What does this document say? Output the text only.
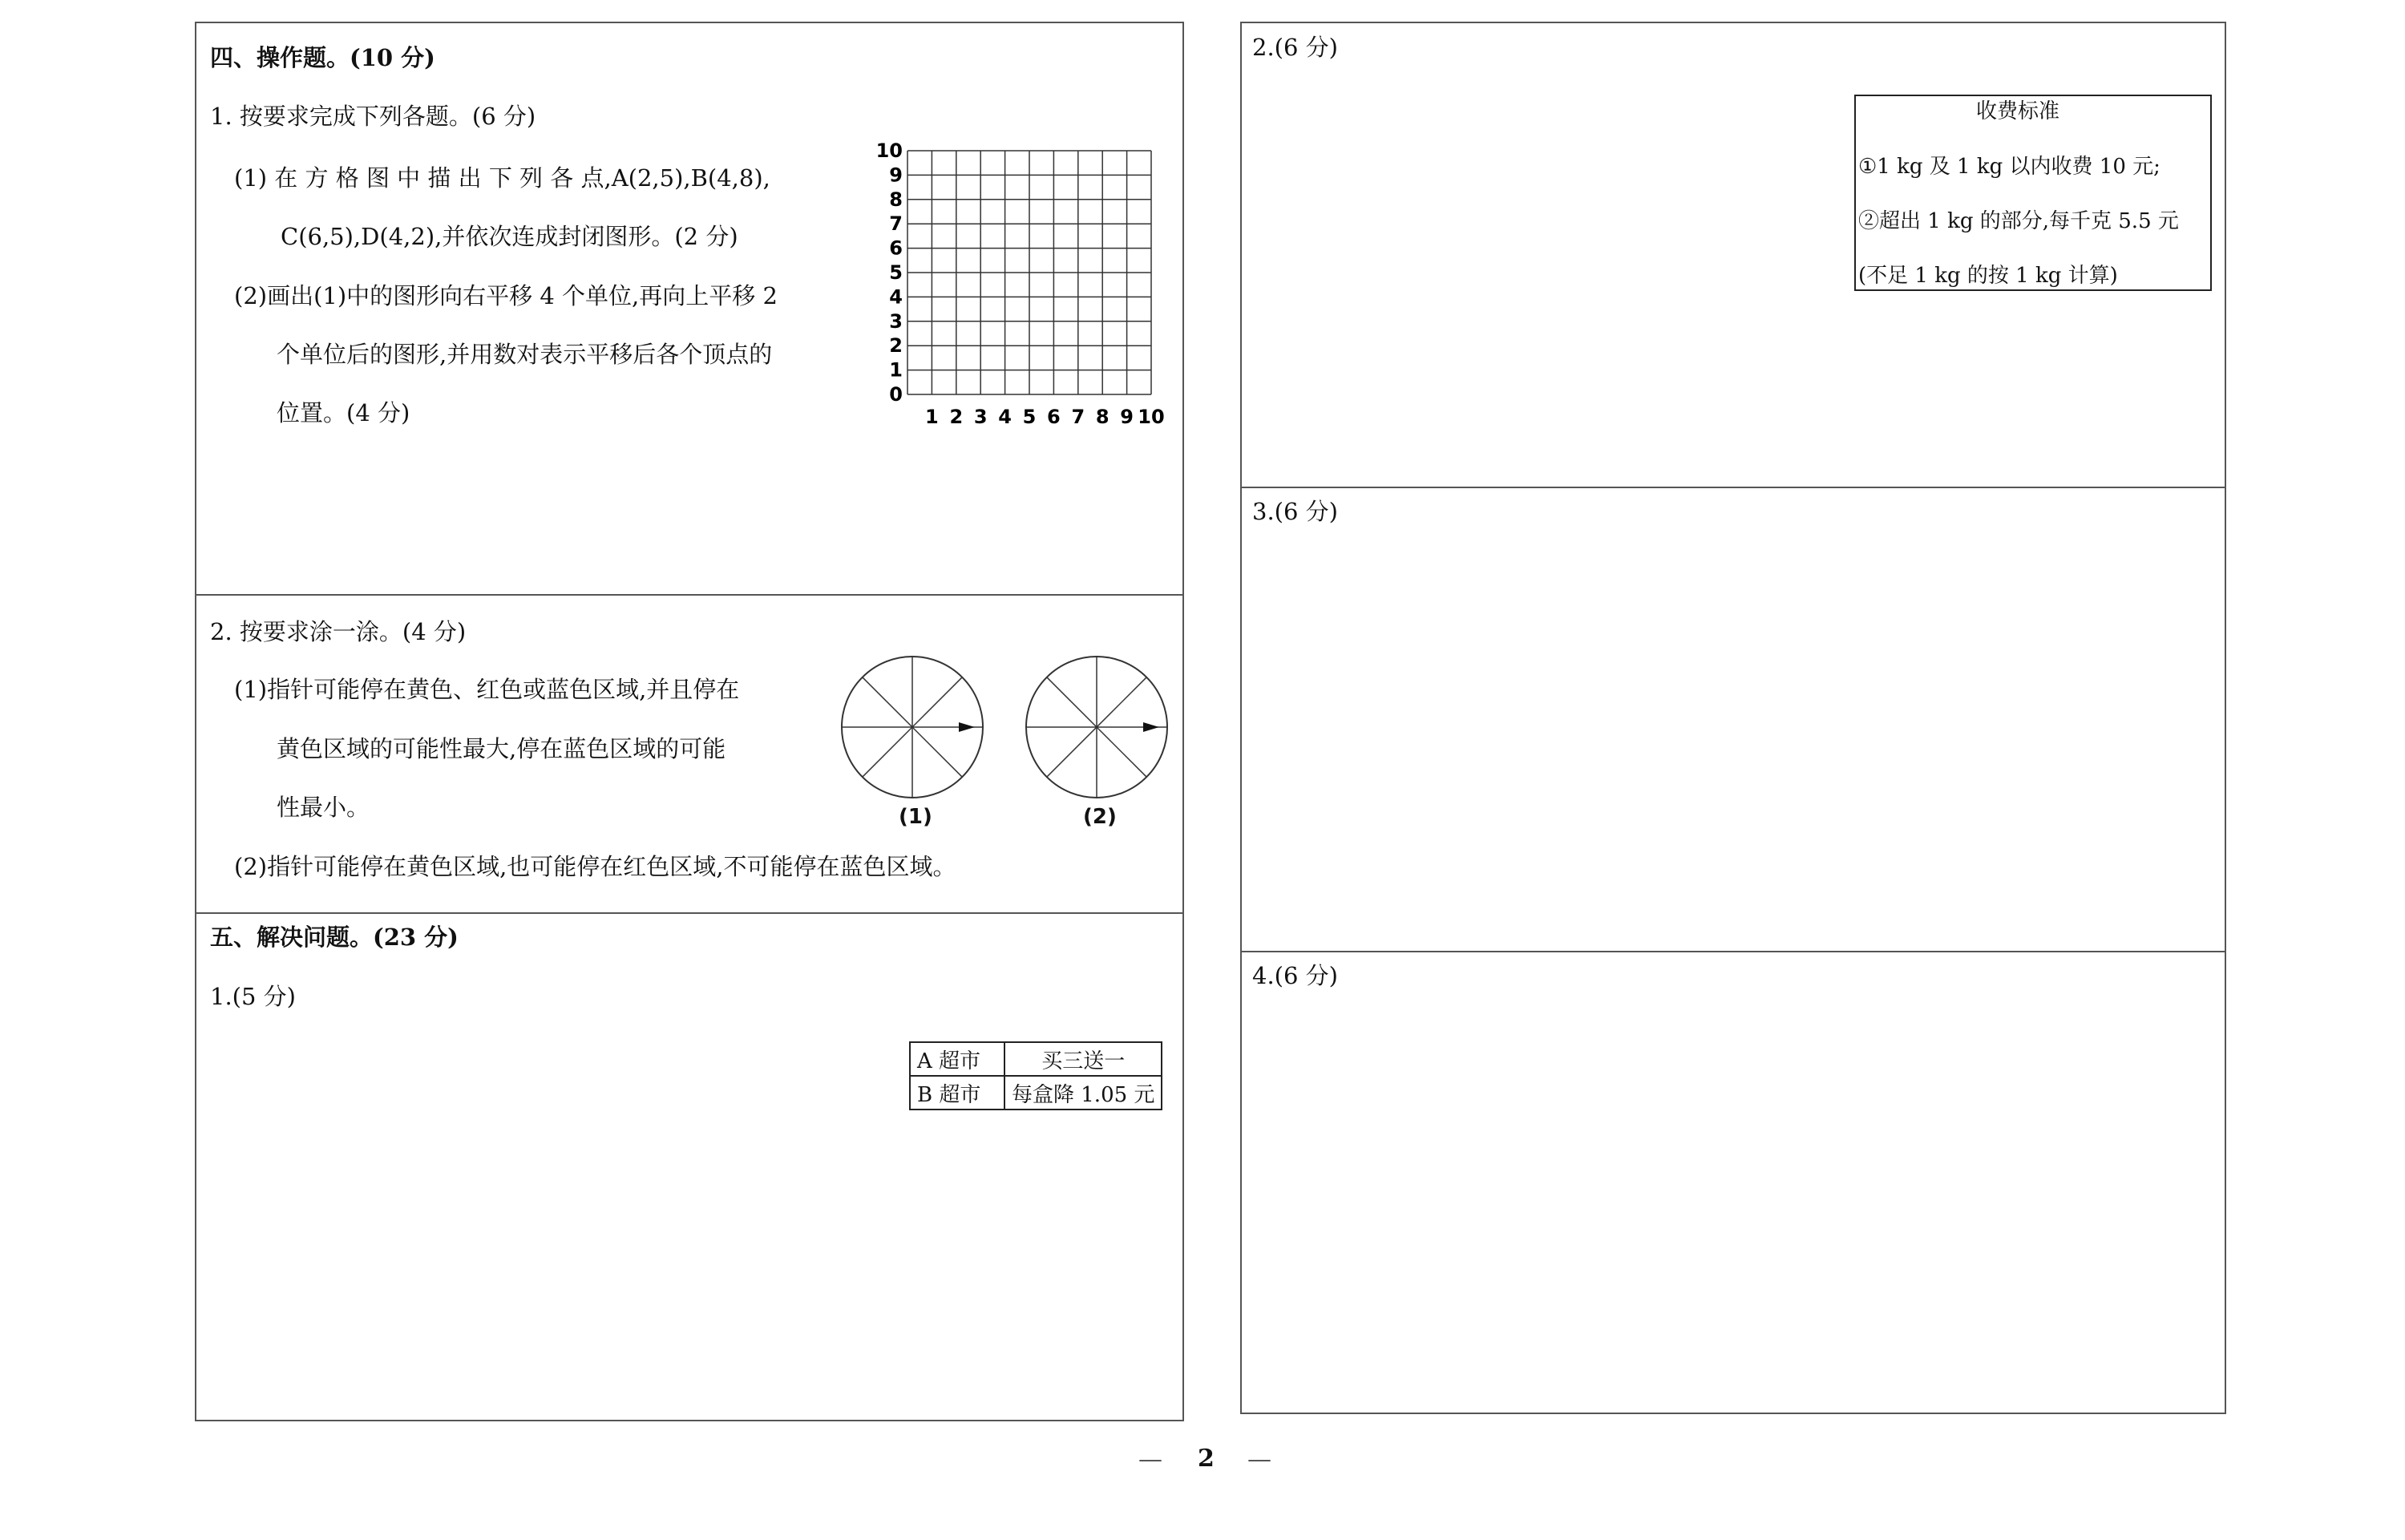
四、操作题。(10 分)
1. 按要求完成下列各题。(6 分)
(1) 在 方 格 图 中 描 出 下 列 各 点,A(2,5),B(4,8),
C(6,5),D(4,2),并依次连成封闭图形。(2 分)
(2)画出(1)中的图形向右平移 4 个单位,再向上平移 2
个单位后的图形,并用数对表示平移后各个顶点的
位置。(4 分)
10
9
8
7
6
5
4
3
2
1
0
1 2 3 4 5 6 7 8 9 10
2. 按要求涂一涂。(4 分)
(1)指针可能停在黄色、红色或蓝色区域,并且停在
黄色区域的可能性最大,停在蓝色区域的可能
性最小。
(2)指针可能停在黄色区域,也可能停在红色区域,不可能停在蓝色区域。
(1)	(2)
五、解决问题。(23 分)
1.(5 分)
A 超市	买三送一
B 超市	每盒降 1.05 元
2.(6 分)
收费标准
①1 kg 及 1 kg 以内收费 10 元;
②超出 1 kg 的部分,每千克 5.5 元
(不足 1 kg 的按 1 kg 计算)
3.(6 分)
4.(6 分)
— 2 —
